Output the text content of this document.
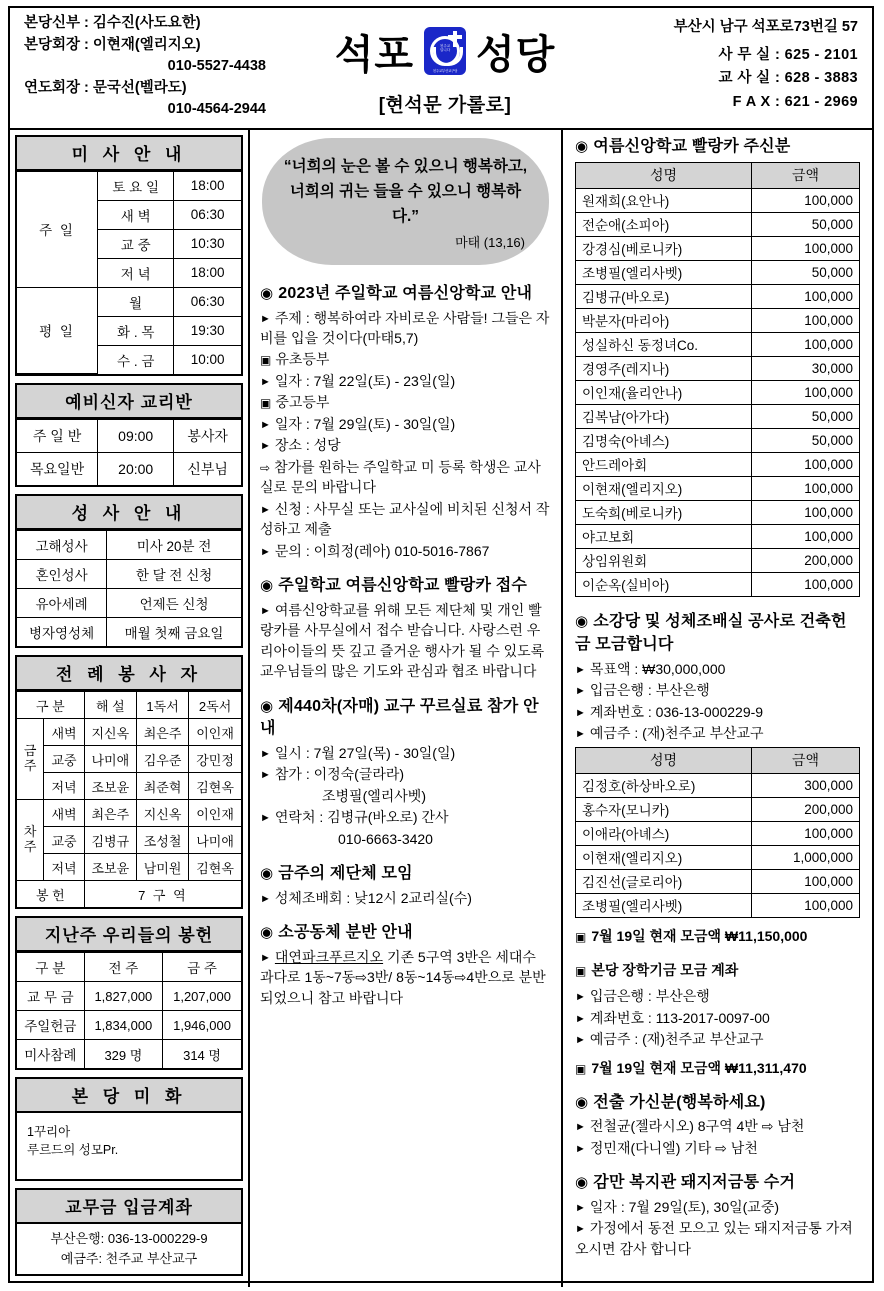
본당신부 : 김수진(사도요한)
본당회장 : 이현재(엘리지오)
010-5527-4438
연도회장 : 문국선(벨라도)
010-4564-2944
석포	천주교
입니다
천주교부산교구당 성당
[현석문 가롤로]
부산시 남구 석포로73번길 57
사 무 실 : 625 - 2101
교 사 실 : 628 - 3883
F A X : 621 - 2969
미 사 안 내
주 일	토 요 일	18:00
	새 벽	06:30
	교 중	10:30
	저 녁	18:00
평 일	월	06:30
	화 . 목	19:30
	수 . 금	10:00
예비신자 교리반
주 일 반	09:00	봉사자
목요일반	20:00	신부님
성 사 안 내
고해성사	미사 20분 전
혼인성사	한 달 전 신청
유아세례	언제든 신청
병자영성체	매월 첫째 금요일
전 례 봉 사 자
구 분		해 설	1독서	2독서
금
주	새벽	지신옥	최은주	이인재
	교중	나미애	김우준	강민정
	저녁	조보윤	최준혁	김현옥
차
주	새벽	최은주	지신옥	이인재
	교중	김병규	조성철	나미애
	저녁	조보윤	남미원	김현옥
봉 헌		7 구 역		
지난주 우리들의 봉헌
구 분	전 주	금 주
교 무 금	1,827,000	1,207,000
주일헌금	1,834,000	1,946,000
미사참례	329 명	314 명
본 당 미 화
1꾸리아
루르드의 성모Pr.
교무금 입금계좌
부산은행: 036-13-000229-9
예금주: 천주교 부산교구
“너희의 눈은 볼 수 있으니 행복하고, 너희의 귀는 들을 수 있으니 행복하다.”
마태 (13,16)
◉ 2023년 주일학교 여름신앙학교 안내
► 주제 : 행복하여라 자비로운 사람들! 그들은 자비를 입을 것이다(마태5,7)
▣ 유초등부
► 일자 : 7월 22일(토) - 23일(일)
▣ 중고등부
► 일자 : 7월 29일(토) - 30일(일)
► 장소 : 성당
⇨ 참가를 원하는 주일학교 미 등록 학생은 교사실로 문의 바랍니다
► 신청 : 사무실 또는 교사실에 비치된 신청서 작성하고 제출
► 문의 : 이희정(레아) 010-5016-7867
◉ 주일학교 여름신앙학교 빨랑카 접수
► 여름신앙학교를 위해 모든 제단체 및 개인 빨랑카를 사무실에서 접수 받습니다. 사랑스런 우리아이들의 뜻 깊고 즐거운 행사가 될 수 있도록 교우님들의 많은 기도와 관심과 협조 바랍니다
◉ 제440차(자매) 교구 꾸르실료 참가 안내
► 일시 : 7월 27일(목) - 30일(일)
► 참가 : 이정숙(글라라)
조병필(엘리사벳)
► 연락처 : 김병규(바오로) 간사
010-6663-3420
◉ 금주의 제단체 모임
► 성체조배회 : 낮12시 2교리실(수)
◉ 소공동체 분반 안내
► 대연파크푸르지오 기존 5구역 3반은 세대수 과다로 1동~7동⇨3반/ 8동~14동⇨4반으로 분반되었으니 참고 바랍니다
◉ 여름신앙학교 빨랑카 주신분
성명	금액
원재희(요안나)	100,000
전순애(소피아)	50,000
강경심(베로니카)	100,000
조병필(엘리사벳)	50,000
김병규(바오로)	100,000
박분자(마리아)	100,000
성실하신 동정녀Co.	100,000
경영주(레지나)	30,000
이인재(율리안나)	100,000
김복남(아가다)	50,000
김명숙(아녜스)	50,000
안드레아회	100,000
이현재(엘리지오)	100,000
도숙희(베로니카)	100,000
야고보회	100,000
상임위원회	200,000
이순옥(실비아)	100,000
◉ 소강당 및 성체조배실 공사로 건축헌금 모금합니다
► 목표액 : ₩30,000,000
► 입금은행 : 부산은행
► 계좌번호 : 036-13-000229-9
► 예금주 : (재)천주교 부산교구
성명	금액
김정호(하상바오로)	300,000
홍수자(모니카)	200,000
이애라(아녜스)	100,000
이현재(엘리지오)	1,000,000
김진선(글로리아)	100,000
조병필(엘리사벳)	100,000
▣ 7월 19일 현재 모금액 ₩11,150,000
▣ 본당 장학기금 모금 계좌
► 입금은행 : 부산은행
► 계좌번호 : 113-2017-0097-00
► 예금주 : (재)천주교 부산교구
▣ 7월 19일 현재 모금액 ₩11,311,470
◉ 전출 가신분(행복하세요)
► 전철균(젤라시오) 8구역 4반 ⇨ 남천
► 정민재(다니엘) 기타 ⇨ 남천
◉ 감만 복지관 돼지저금통 수거
► 일자 : 7월 29일(토), 30일(교중)
► 가정에서 동전 모으고 있는 돼지저금통 가져오시면 감사 합니다
